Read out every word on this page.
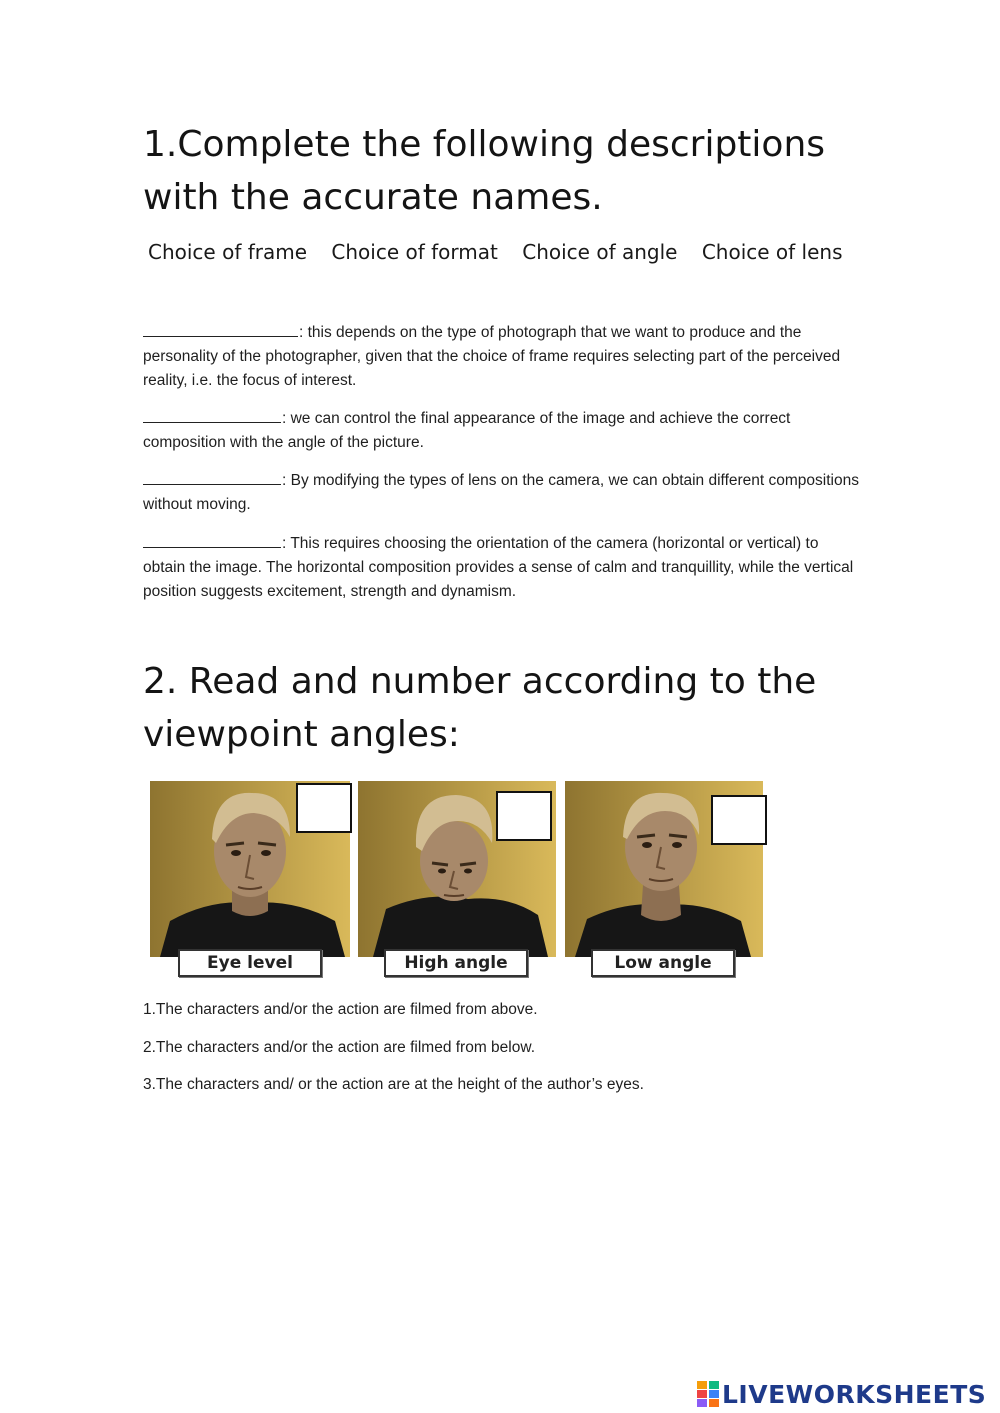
1.Complete the following descriptions with the accurate names.
Choice of frame Choice of format Choice of angle Choice of lens

: this depends on the type of photograph that we want to produce and the personality of the photographer, given that the choice of frame requires selecting part of the perceived reality, i.e. the focus of interest.

: we can control the final appearance of the image and achieve the correct composition with the angle of the picture.

: By modifying the types of lens on the camera, we can obtain different compositions without moving.

: This requires choosing the orientation of the camera (horizontal or vertical) to obtain the image. The horizontal composition provides a sense of calm and tranquillity, while the vertical position suggests excitement, strength and dynamism.

2. Read and number according to the viewpoint angles:
Eye level	High angle	Low angle

1.The characters and/or the action are filmed from above.

2.The characters and/or the action are filmed from below.

3.The characters and/ or the action are at the height of the author’s eyes.

LIVEWORKSHEETS
